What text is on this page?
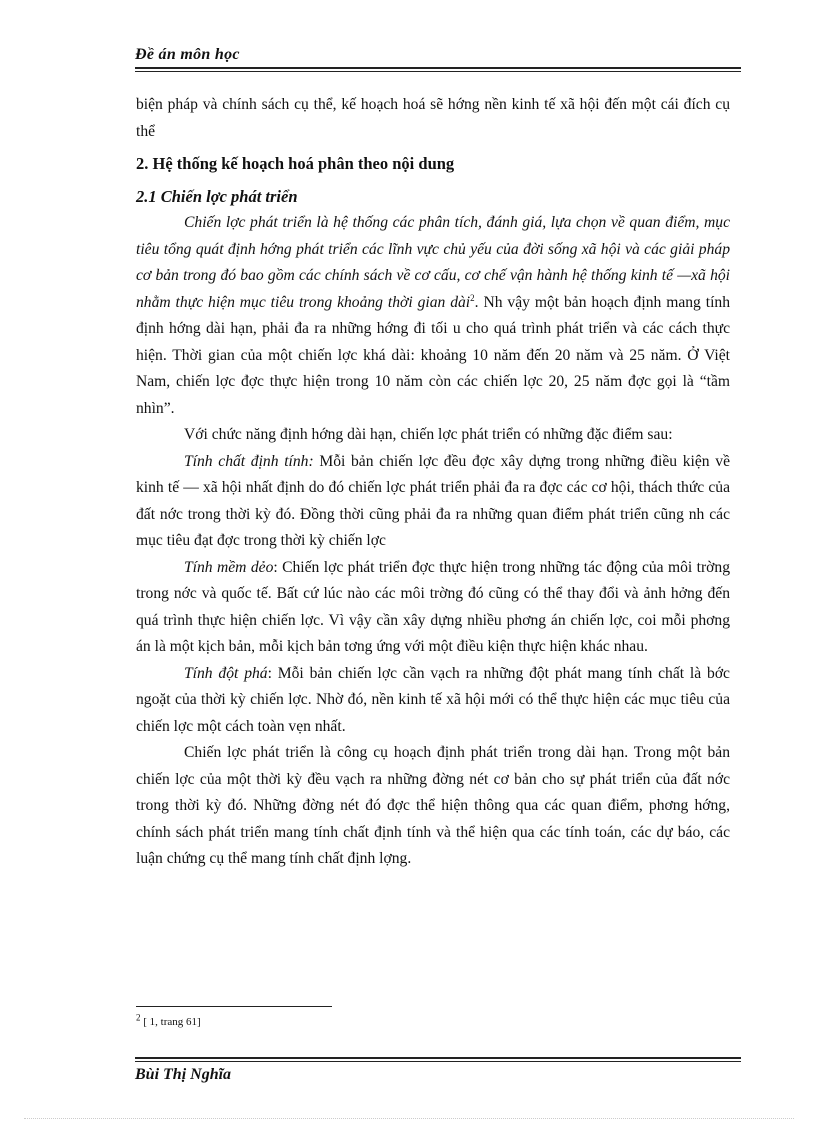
Đề án môn học

biện pháp và chính sách cụ thể, kế hoạch hoá sẽ hớng nền kinh tế xã hội đến một cái đích cụ thể

2. Hệ thống kế hoạch hoá phân theo nội dung
2.1 Chiến lợc phát triển

Chiến lợc phát triển là hệ thống các phân tích, đánh giá, lựa chọn về quan điểm, mục tiêu tổng quát định hớng phát triển các lĩnh vực chủ yếu của đời sống xã hội và các giải pháp cơ bản trong đó bao gồm các chính sách về cơ cấu, cơ chế vận hành hệ thống kinh tế —xã hội nhằm thực hiện mục tiêu trong khoảng thời gian dài$^2$. Nh vậy một bản hoạch định mang tính định hớng dài hạn, phải đa ra những hớng đi tối u cho quá trình phát triển và các cách thực hiện. Thời gian của một chiến lợc khá dài: khoảng 10 năm đến 20 năm và 25 năm. Ở Việt Nam, chiến lợc đợc thực hiện trong 10 năm còn các chiến lợc 20, 25 năm đợc gọi là “tầm nhìn”.

Với chức năng định hớng dài hạn, chiến lợc phát triển có những đặc điểm sau:

Tính chất định tính: Mỗi bản chiến lợc đều đợc xây dựng trong những điều kiện về kinh tế — xã hội nhất định do đó chiến lợc phát triển phải đa ra đợc các cơ hội, thách thức của đất nớc trong thời kỳ đó. Đồng thời cũng phải đa ra những quan điểm phát triển cũng nh các mục tiêu đạt đợc trong thời kỳ chiến lợc

Tính mềm dẻo: Chiến lợc phát triển đợc thực hiện trong những tác động của môi trờng trong nớc và quốc tế. Bất cứ lúc nào các môi trờng đó cũng có thể thay đổi và ảnh hởng đến quá trình thực hiện chiến lợc. Vì vậy cần xây dựng nhiều phơng án chiến lợc, coi mỗi phơng án là một kịch bản, mỗi kịch bản tơng ứng với một điều kiện thực hiện khác nhau.

Tính đột phá: Mỗi bản chiến lợc cần vạch ra những đột phát mang tính chất là bớc ngoặt của thời kỳ chiến lợc. Nhờ đó, nền kinh tế xã hội mới có thể thực hiện các mục tiêu của chiến lợc một cách toàn vẹn nhất.

Chiến lợc phát triển là công cụ hoạch định phát triển trong dài hạn. Trong một bản chiến lợc của một thời kỳ đều vạch ra những đờng nét cơ bản cho sự phát triển của đất nớc trong thời kỳ đó. Những đờng nét đó đợc thể hiện thông qua các quan điểm, phơng hớng, chính sách phát triển mang tính chất định tính và thể hiện qua các tính toán, các dự báo, các luận chứng cụ thể mang tính chất định lợng.

$^2$ [ 1, trang 61]
Bùi Thị Nghĩa
